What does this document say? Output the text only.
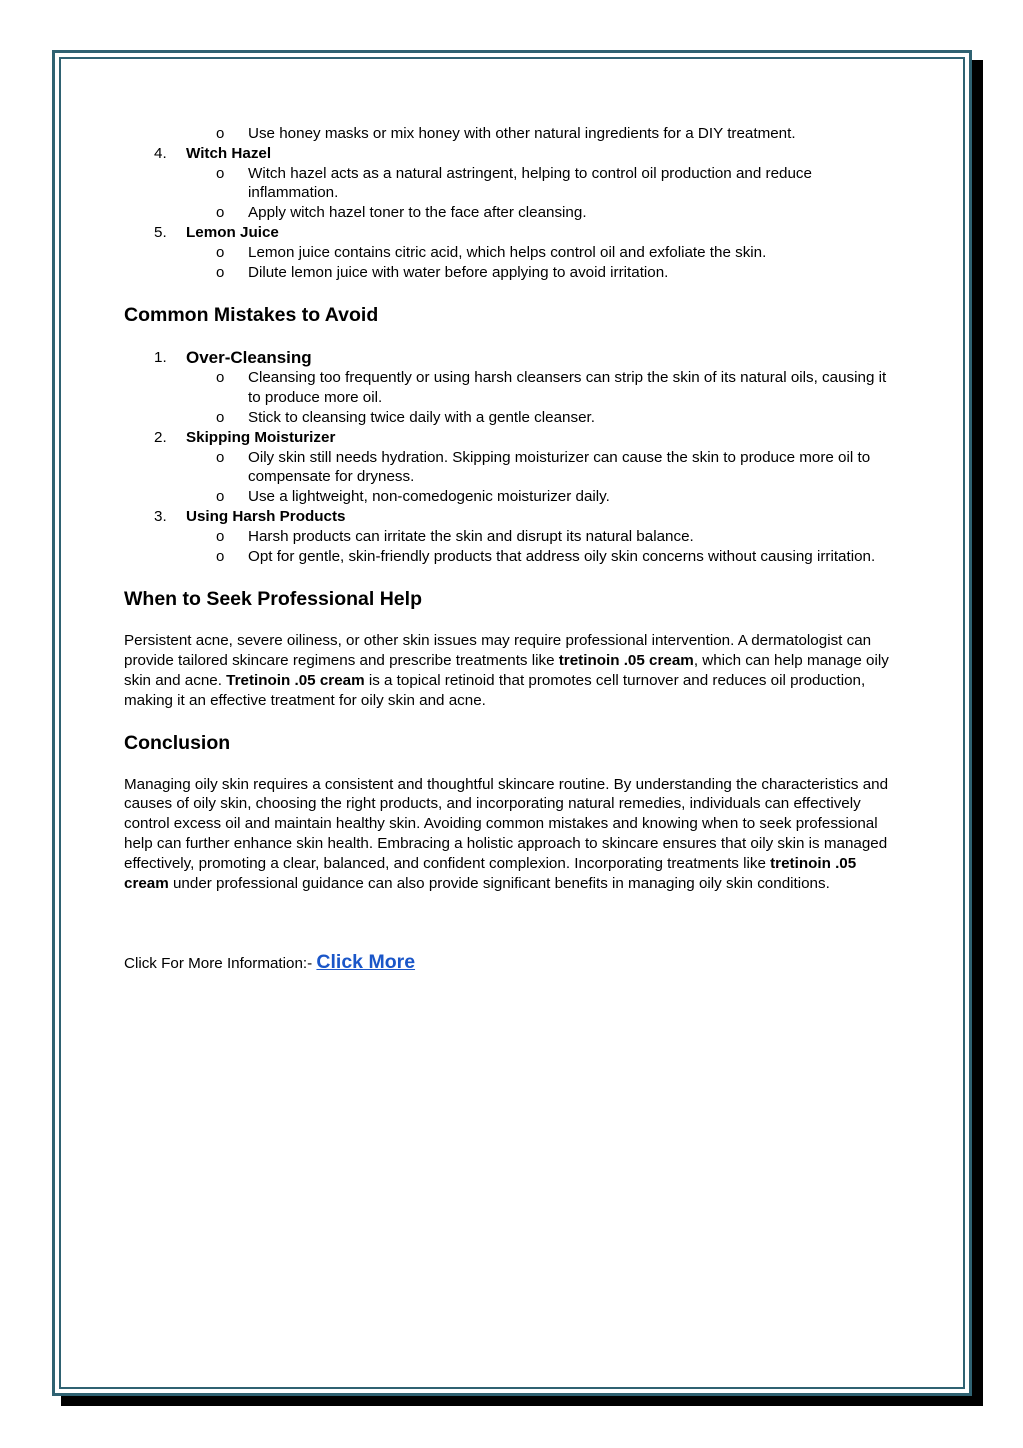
o	Use honey masks or mix honey with other natural ingredients for a DIY treatment.
4. Witch Hazel
o	Witch hazel acts as a natural astringent, helping to control oil production and reduce inflammation.
o	Apply witch hazel toner to the face after cleansing.
5. Lemon Juice
o	Lemon juice contains citric acid, which helps control oil and exfoliate the skin.
o	Dilute lemon juice with water before applying to avoid irritation.
Common Mistakes to Avoid
1. Over-Cleansing
o	Cleansing too frequently or using harsh cleansers can strip the skin of its natural oils, causing it to produce more oil.
o	Stick to cleansing twice daily with a gentle cleanser.
2. Skipping Moisturizer
o	Oily skin still needs hydration. Skipping moisturizer can cause the skin to produce more oil to compensate for dryness.
o	Use a lightweight, non-comedogenic moisturizer daily.
3. Using Harsh Products
o	Harsh products can irritate the skin and disrupt its natural balance.
o	Opt for gentle, skin-friendly products that address oily skin concerns without causing irritation.
When to Seek Professional Help

Persistent acne, severe oiliness, or other skin issues may require professional intervention. A dermatologist can provide tailored skincare regimens and prescribe treatments like tretinoin .05 cream, which can help manage oily skin and acne. Tretinoin .05 cream is a topical retinoid that promotes cell turnover and reduces oil production, making it an effective treatment for oily skin and acne.

Conclusion

Managing oily skin requires a consistent and thoughtful skincare routine. By understanding the characteristics and causes of oily skin, choosing the right products, and incorporating natural remedies, individuals can effectively control excess oil and maintain healthy skin. Avoiding common mistakes and knowing when to seek professional help can further enhance skin health. Embracing a holistic approach to skincare ensures that oily skin is managed effectively, promoting a clear, balanced, and confident complexion. Incorporating treatments like tretinoin .05 cream under professional guidance can also provide significant benefits in managing oily skin conditions.

Click For More Information:- Click More
